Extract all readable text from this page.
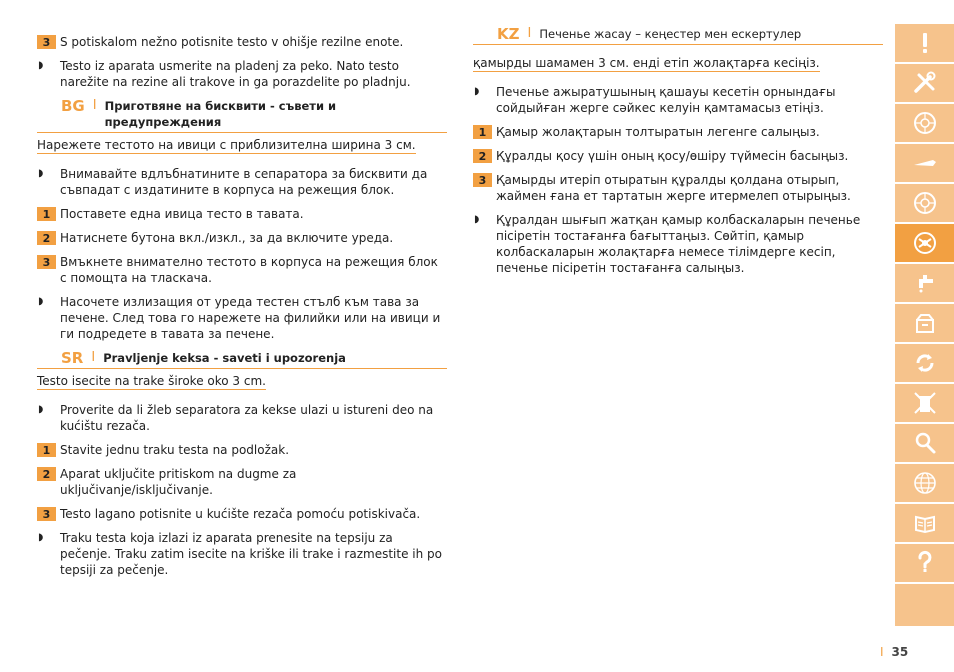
3 S potiskalom nežno potisnite testo v ohišje rezilne enote.
◗	Testo iz aparata usmerite na pladenj za peko. Nato testo narežite na rezine ali trakove in ga porazdelite po pladnju.
BG I Приготвяне на бисквити - съвети и предупреждения
Нарежете тестото на ивици с приблизителна ширина 3 см.
◗	Внимавайте вдлъбнатините в сепаратора за бисквити да съвпадат с издатините в корпуса на режещия блок.
1 Поставете една ивица тесто в тавата.
2 Натиснете бутона вкл./изкл., за да включите уреда.
3 Вмъкнете внимателно тестото в корпуса на режещия блок с помощта на тласкача.
◗	Насочете излизащия от уреда тестен стълб към тава за печене. След това го нарежете на филийки или на ивици и ги подредете в тавата за печене.
SR I Pravljenje keksa - saveti i upozorenja
Testo isecite na trake široke oko 3 cm.
◗	Proverite da li žleb separatora za kekse ulazi u istureni deo na kućištu rezača.
1 Stavite jednu traku testa na podložak.
2 Aparat uključite pritiskom na dugme za uključivanje/isključivanje.
3 Testo lagano potisnite u kućište rezača pomoću potiskivača.
◗	Traku testa koja izlazi iz aparata prenesite na tepsiju za pečenje. Traku zatim isecite na kriške ili trake i razmestite ih po tepsiji za pečenje.
KZ I Печенье жасау – кеңестер мен ескертулер
қамырды шамамен 3 см. енді етіп жолақтарға кесіңіз.
◗	Печенье ажыратушының қашауы кесетін орнындағы сойдыйған жерге сәйкес келуін қамтамасыз етіңіз.
1 Қамыр жолақтарын толтыратын легенге салыңыз.
2 Құралды қосу үшін оның қосу/өшіру түймесін басыңыз.
3 Қамырды итеріп отыратын құралды қолдана отырып, жаймен ғана ет тартатын жерге итермелеп отырыңыз.
◗	Құралдан шығып жатқан қамыр колбаскаларын печенье пісіретін тостағанға бағыттаңыз. Сөйтіп, қамыр колбаскаларын жолақтарға немесе тілімдерге кесіп, печенье пісіретін тостағанға салыңыз.
I 35
